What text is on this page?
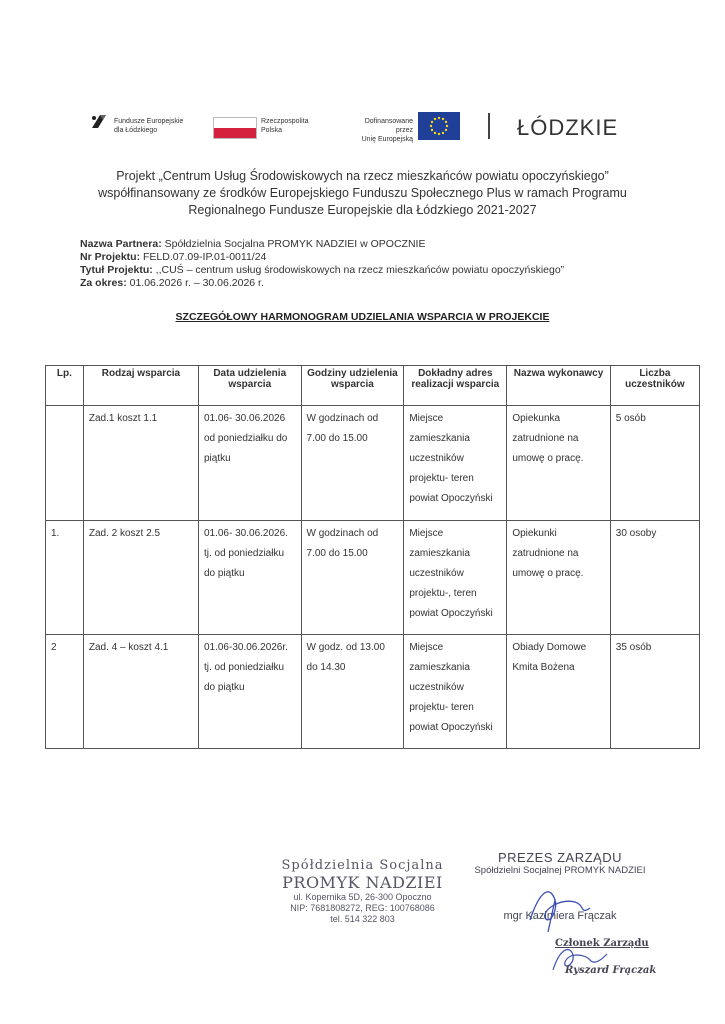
Fundusze Europejskie
dla Łódzkiego
Rzeczpospolita
Polska
Dofinansowane przez
Unię Europejską	ŁÓDZKIE
Projekt „Centrum Usług Środowiskowych na rzecz mieszkańców powiatu opoczyńskiego”
współfinansowany ze środków Europejskiego Funduszu Społecznego Plus w ramach Programu
Regionalnego Fundusze Europejskie dla Łódzkiego 2021-2027
Nazwa Partnera: Spółdzielnia Socjalna PROMYK NADZIEI w OPOCZNIE
Nr Projektu: FELD.07.09-IP.01-0011/24
Tytuł Projektu: ,,CUŚ – centrum usług środowiskowych na rzecz mieszkańców powiatu opoczyńskiego”
Za okres: 01.06.2026 r. – 30.06.2026 r.
SZCZEGÓŁOWY HARMONOGRAM UDZIELANIA WSPARCIA W PROJEKCIE
Lp.	Rodzaj wsparcia	Data udzielenia wsparcia	Godziny udzielenia wsparcia	Dokładny adres realizacji wsparcia	Nazwa wykonawcy	Liczba uczestników
	Zad.1 koszt 1.1	01.06- 30.06.2026 od poniedziałku do piątku	W godzinach od 7.00 do 15.00	Miejsce zamieszkania uczestników projektu- teren powiat Opoczyński	Opiekunka zatrudnione na umowę o pracę.	5 osób
1.	Zad. 2 koszt 2.5	01.06- 30.06.2026. tj. od poniedziałku do piątku	W godzinach od 7.00 do 15.00	Miejsce zamieszkania uczestników projektu-, teren powiat Opoczyński	Opiekunki zatrudnione na umowę o pracę.	30 osoby
2	Zad. 4 – koszt 4.1	01.06-30.06.2026r. tj. od poniedziałku do piątku	W godz. od 13.00 do 14.30	Miejsce zamieszkania uczestników projektu- teren powiat Opoczyński	Obiady Domowe Kmita Bożena	35 osób
Spółdzielnia Socjalna
PROMYK NADZIEI
ul. Kopernika 5D, 26-300 Opoczno
NIP: 7681808272, REG: 100768086
tel. 514 322 803
PREZES ZARZĄDU
Spółdzielni Socjalnej PROMYK NADZIEI
mgr Kazimiera Frączak
Członek Zarządu
Ryszard Frączak
